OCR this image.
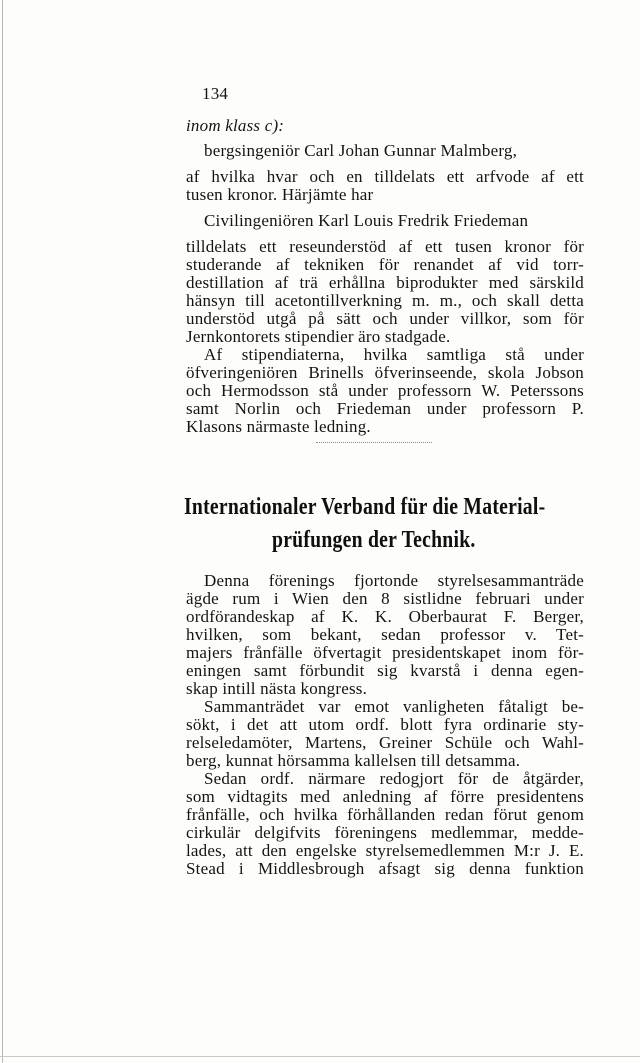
134
inom klass c):
bergsingeniör Carl Johan Gunnar Malmberg,
af hvilka hvar och en tilldelats ett arfvode af ett
tusen kronor. Härjämte har
Civilingeniören Karl Louis Fredrik Friedeman
tilldelats ett reseunderstöd af ett tusen kronor för
studerande af tekniken för renandet af vid torr-
destillation af trä erhållna biprodukter med särskild
hänsyn till acetontillverkning m. m., och skall detta
understöd utgå på sätt och under villkor, som för
Jernkontorets stipendier äro stadgade.
Af stipendiaterna, hvilka samtliga stå under
öfveringeniören Brinells öfverinseende, skola Jobson
och Hermodsson stå under professorn W. Peterssons
samt Norlin och Friedeman under professorn P.
Klasons närmaste ledning.
Internationaler Verband für die Material-
prüfungen der Technik.
Denna förenings fjortonde styrelsesammanträde
ägde rum i Wien den 8 sistlidne februari under
ordförandeskap af K. K. Oberbaurat F. Berger,
hvilken, som bekant, sedan professor v. Tet-
majers frånfälle öfvertagit presidentskapet inom för-
eningen samt förbundit sig kvarstå i denna egen-
skap intill nästa kongress.
Sammanträdet var emot vanligheten fåtaligt be-
sökt, i det att utom ordf. blott fyra ordinarie sty-
relseledamöter, Martens, Greiner Schüle och Wahl-
berg, kunnat hörsamma kallelsen till detsamma.
Sedan ordf. närmare redogjort för de åtgärder,
som vidtagits med anledning af förre presidentens
frånfälle, och hvilka förhållanden redan förut genom
cirkulär delgifvits föreningens medlemmar, medde-
lades, att den engelske styrelsemedlemmen M:r J. E.
Stead i Middlesbrough afsagt sig denna funktion
